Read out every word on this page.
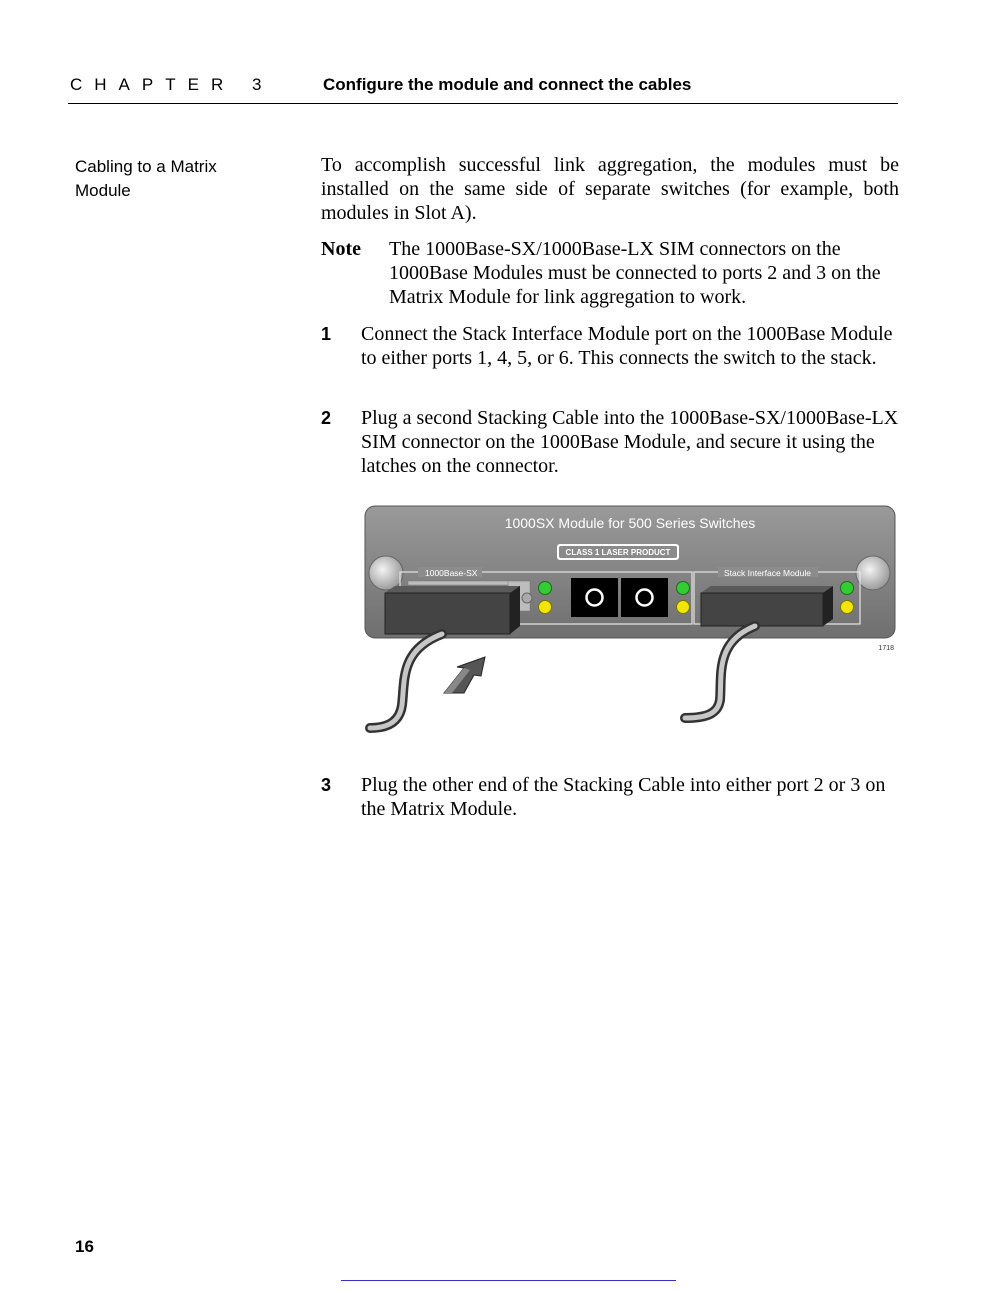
CHAPTER 3	Configure the module and connect the cables
Cabling to a Matrix Module
To accomplish successful link aggregation, the modules must be installed on the same side of separate switches (for example, both modules in Slot A).
Note The 1000Base-SX/1000Base-LX SIM connectors on the 1000Base Modules must be connected to ports 2 and 3 on the Matrix Module for link aggregation to work.
1 Connect the Stack Interface Module port on the 1000Base Module to either ports 1, 4, 5, or 6. This connects the switch to the stack.
2 Plug a second Stacking Cable into the 1000Base-SX/1000Base-LX SIM connector on the 1000Base Module, and secure it using the latches on the connector.
1000SX Module for 500 Series Switches
CLASS 1 LASER PRODUCT
1000Base-SX	Stack Interface Module
1718
3 Plug the other end of the Stacking Cable into either port 2 or 3 on the Matrix Module.
16
